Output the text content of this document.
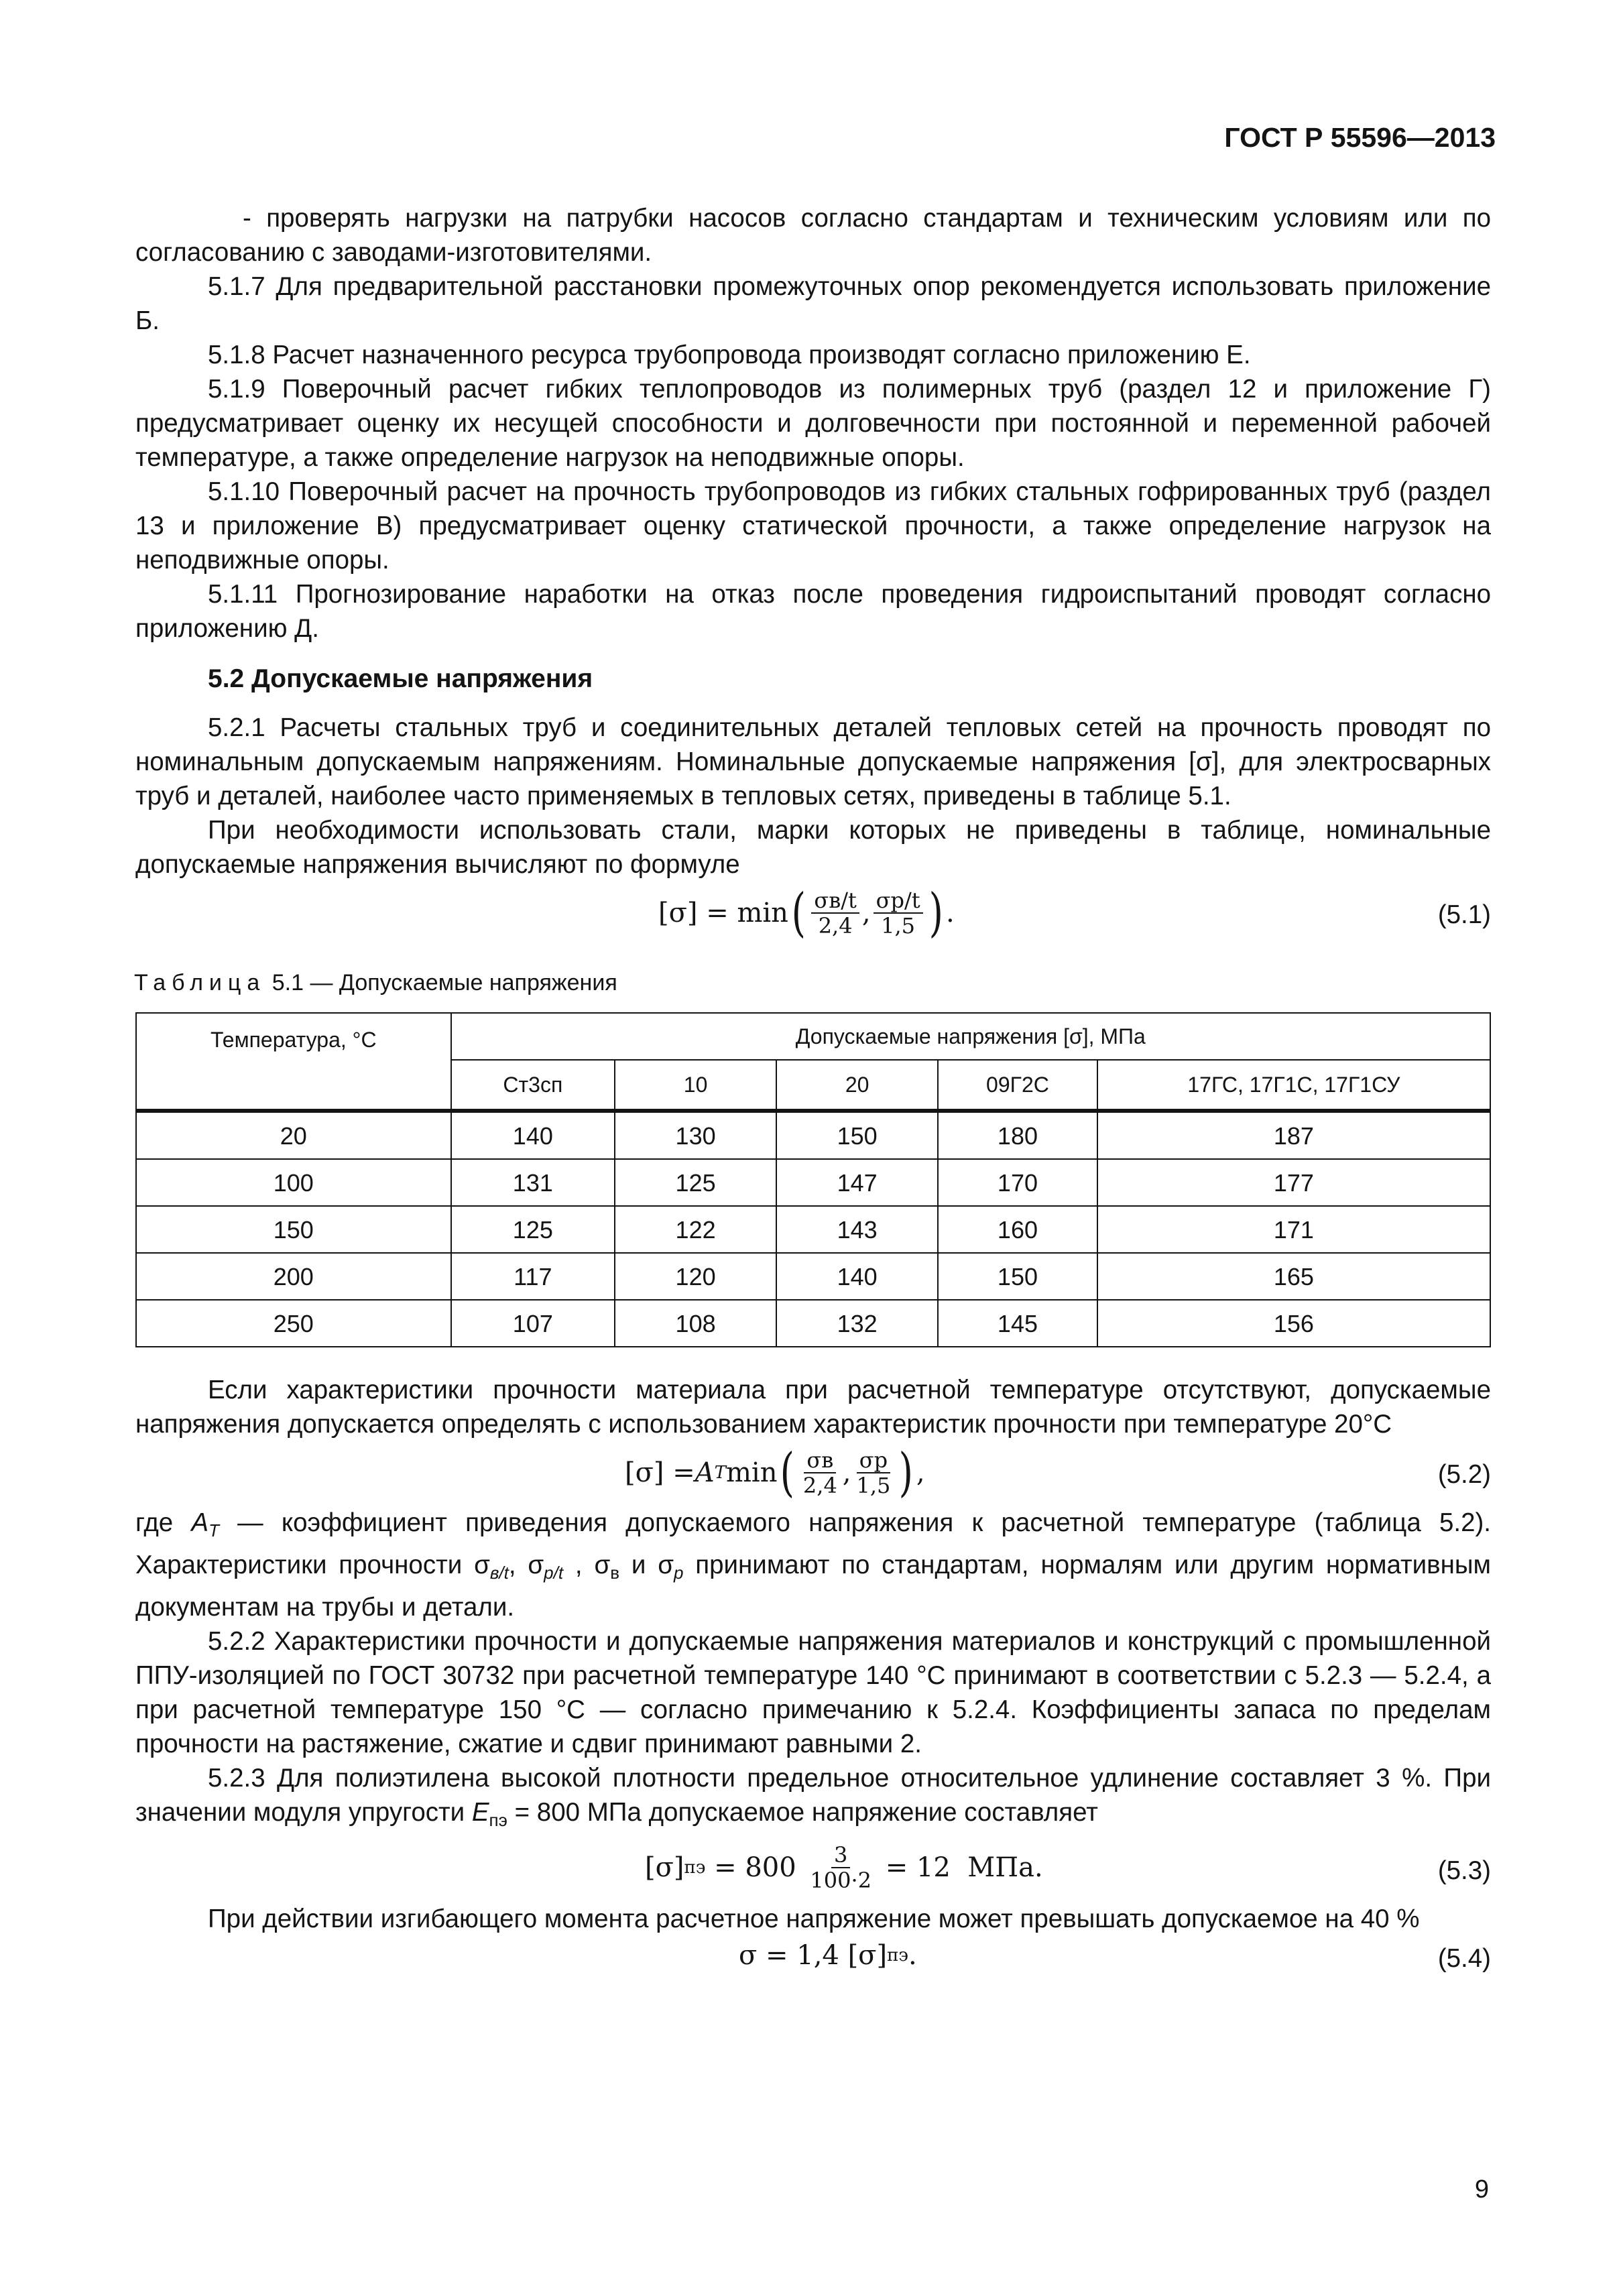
ГОСТ Р 55596—2013

- проверять нагрузки на патрубки насосов согласно стандартам и техническим условиям или по согласованию с заводами-изготовителями.

5.1.7 Для предварительной расстановки промежуточных опор рекомендуется использовать приложение Б.

5.1.8 Расчет назначенного ресурса трубопровода производят согласно приложению Е.

5.1.9 Поверочный расчет гибких теплопроводов из полимерных труб (раздел 12 и приложение Г) предусматривает оценку их несущей способности и долговечности при постоянной и переменной рабочей температуре, а также определение нагрузок на неподвижные опоры.

5.1.10 Поверочный расчет на прочность трубопроводов из гибких стальных гофрированных труб (раздел 13 и приложение В) предусматривает оценку статической прочности, а также определение нагрузок на неподвижные опоры.

5.1.11 Прогнозирование наработки на отказ после проведения гидроиспытаний проводят согласно приложению Д.

5.2 Допускаемые напряжения

5.2.1 Расчеты стальных труб и соединительных деталей тепловых сетей на прочность проводят по номинальным допускаемым напряжениям. Номинальные допускаемые напряжения [σ], для электросварных труб и деталей, наиболее часто применяемых в тепловых сетях, приведены в таблице 5.1.

При необходимости использовать стали, марки которых не приведены в таблице, номинальные допускаемые напряжения вычисляют по формуле

[σ] = min ( $\frac{\sigma в/t}{2,4}$ , $\frac{\sigma p/t}{1,5}$ ) .	(5.1)
Таблица 5.1 — Допускаемые напряжения
Температура, °С	Допускаемые напряжения [σ], МПа				
	Ст3сп	10	20	09Г2С	17ГС, 17Г1С, 17Г1СУ
20	140	130	150	180	187
100	131	125	147	170	177
150	125	122	143	160	171
200	117	120	140	150	165
250	107	108	132	145	156

Если характеристики прочности материала при расчетной температуре отсутствуют, допускаемые напряжения допускается определять с использованием характеристик прочности при температуре 20°С

[σ] = A T min ( $\frac{\sigma в}{2,4}$ , $\frac{\sigma p}{1,5}$ ) ,	(5.2)

где $A_T$ — коэффициент приведения допускаемого напряжения к расчетной температуре (таблица 5.2). Характеристики прочности $\sigma_{в/t}$, $\sigma_{p/t}$ , $\sigma_в$ и $\sigma_p$ принимают по стандартам, нормалям или другим нормативным документам на трубы и детали.

5.2.2 Характеристики прочности и допускаемые напряжения материалов и конструкций с промышленной ППУ-изоляцией по ГОСТ 30732 при расчетной температуре 140 °С принимают в соответствии с 5.2.3 — 5.2.4, а при расчетной температуре 150 °С — согласно примечанию к 5.2.4. Коэффициенты запаса по пределам прочности на растяжение, сжатие и сдвиг принимают равными 2.

5.2.3 Для полиэтилена высокой плотности предельное относительное удлинение составляет 3 %. При значении модуля упругости $E_{пэ} = 800$ МПа допускаемое напряжение составляет

[σ] пэ = $800 \frac{3}{100\cdot 2} = 12$  МПа.	(5.3)

При действии изгибающего момента расчетное напряжение может превышать допускаемое на 40 %

σ = 1,4 [σ] пэ .	(5.4)
9
